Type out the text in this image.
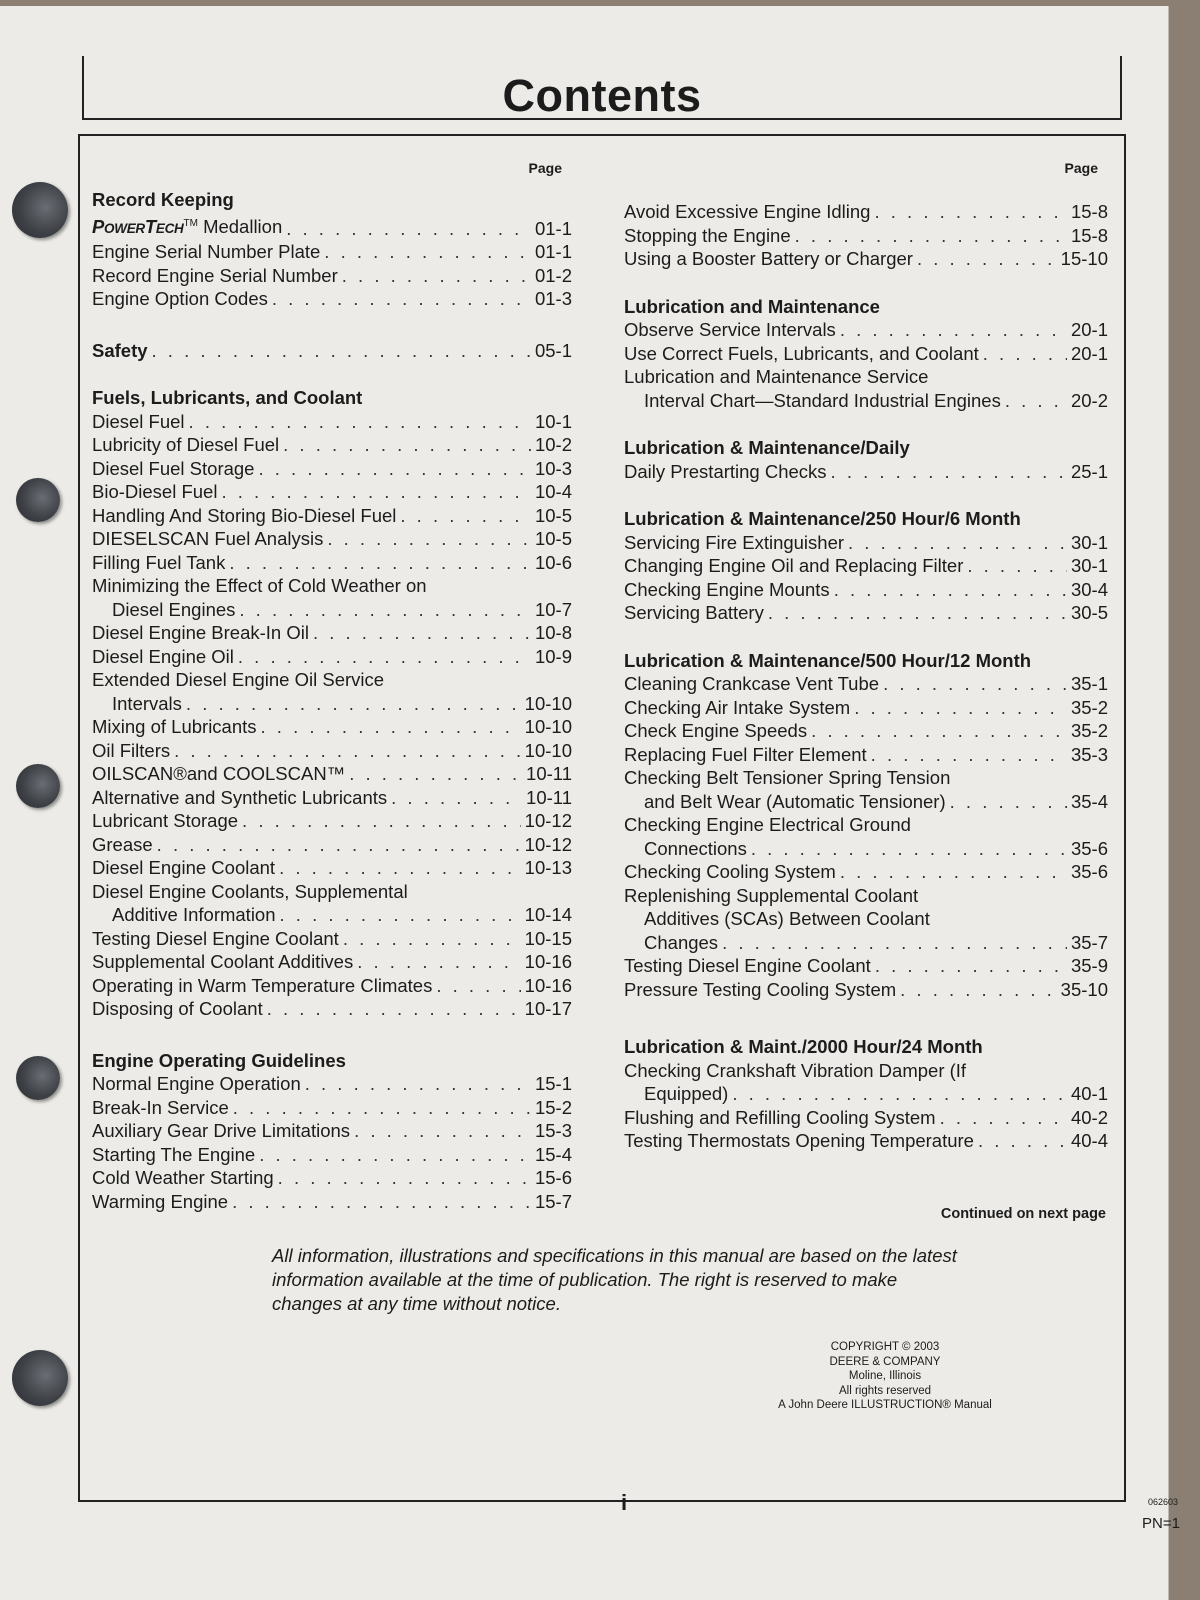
Contents
Page
Record Keeping
POWERTECH™ Medallion . . .	01-1
Engine Serial Number Plate . . .	01-1
Record Engine Serial Number . . .	01-2
Engine Option Codes . . .	01-3
Safety . . .	05-1
Fuels, Lubricants, and Coolant
Diesel Fuel . . .	10-1
Lubricity of Diesel Fuel . . .	10-2
Diesel Fuel Storage . . .	10-3
Bio-Diesel Fuel . . .	10-4
Handling And Storing Bio-Diesel Fuel . . .	10-5
DIESELSCAN Fuel Analysis . . .	10-5
Filling Fuel Tank . . .	10-6
Minimizing the Effect of Cold Weather on
Diesel Engines . . .	10-7
Diesel Engine Break-In Oil . . .	10-8
Diesel Engine Oil . . .	10-9
Extended Diesel Engine Oil Service
Intervals . . .	10-10
Mixing of Lubricants . . .	10-10
Oil Filters . . .	10-10
OILSCAN®and COOLSCAN™ . . .	10-11
Alternative and Synthetic Lubricants . . .	10-11
Lubricant Storage . . .	10-12
Grease . . .	10-12
Diesel Engine Coolant . . .	10-13
Diesel Engine Coolants, Supplemental
Additive Information . . .	10-14
Testing Diesel Engine Coolant . . .	10-15
Supplemental Coolant Additives . . .	10-16
Operating in Warm Temperature Climates . . .	10-16
Disposing of Coolant . . .	10-17
Engine Operating Guidelines
Normal Engine Operation . . .	15-1
Break-In Service . . .	15-2
Auxiliary Gear Drive Limitations . . .	15-3
Starting The Engine . . .	15-4
Cold Weather Starting . . .	15-6
Warming Engine . . .	15-7
Page
Avoid Excessive Engine Idling . . .	15-8
Stopping the Engine . . .	15-8
Using a Booster Battery or Charger . . .	15-10
Lubrication and Maintenance
Observe Service Intervals . . .	20-1
Use Correct Fuels, Lubricants, and Coolant . . .	20-1
Lubrication and Maintenance Service
Interval Chart—Standard Industrial Engines . . .	20-2
Lubrication & Maintenance/Daily
Daily Prestarting Checks . . .	25-1
Lubrication & Maintenance/250 Hour/6 Month
Servicing Fire Extinguisher . . .	30-1
Changing Engine Oil and Replacing Filter . . .	30-1
Checking Engine Mounts . . .	30-4
Servicing Battery . . .	30-5
Lubrication & Maintenance/500 Hour/12 Month
Cleaning Crankcase Vent Tube . . .	35-1
Checking Air Intake System . . .	35-2
Check Engine Speeds . . .	35-2
Replacing Fuel Filter Element . . .	35-3
Checking Belt Tensioner Spring Tension
and Belt Wear (Automatic Tensioner) . . .	35-4
Checking Engine Electrical Ground
Connections . . .	35-6
Checking Cooling System . . .	35-6
Replenishing Supplemental Coolant
Additives (SCAs) Between Coolant
Changes . . .	35-7
Testing Diesel Engine Coolant . . .	35-9
Pressure Testing Cooling System . . .	35-10
Lubrication & Maint./2000 Hour/24 Month
Checking Crankshaft Vibration Damper (If
Equipped) . . .	40-1
Flushing and Refilling Cooling System . . .	40-2
Testing Thermostats Opening Temperature . . .	40-4
Continued on next page
All information, illustrations and specifications in this manual are based on the latest information available at the time of publication. The right is reserved to make changes at any time without notice.
COPYRIGHT © 2003
DEERE & COMPANY
Moline, Illinois
All rights reserved
A John Deere ILLUSTRUCTION® Manual
i	062603
PN=1
